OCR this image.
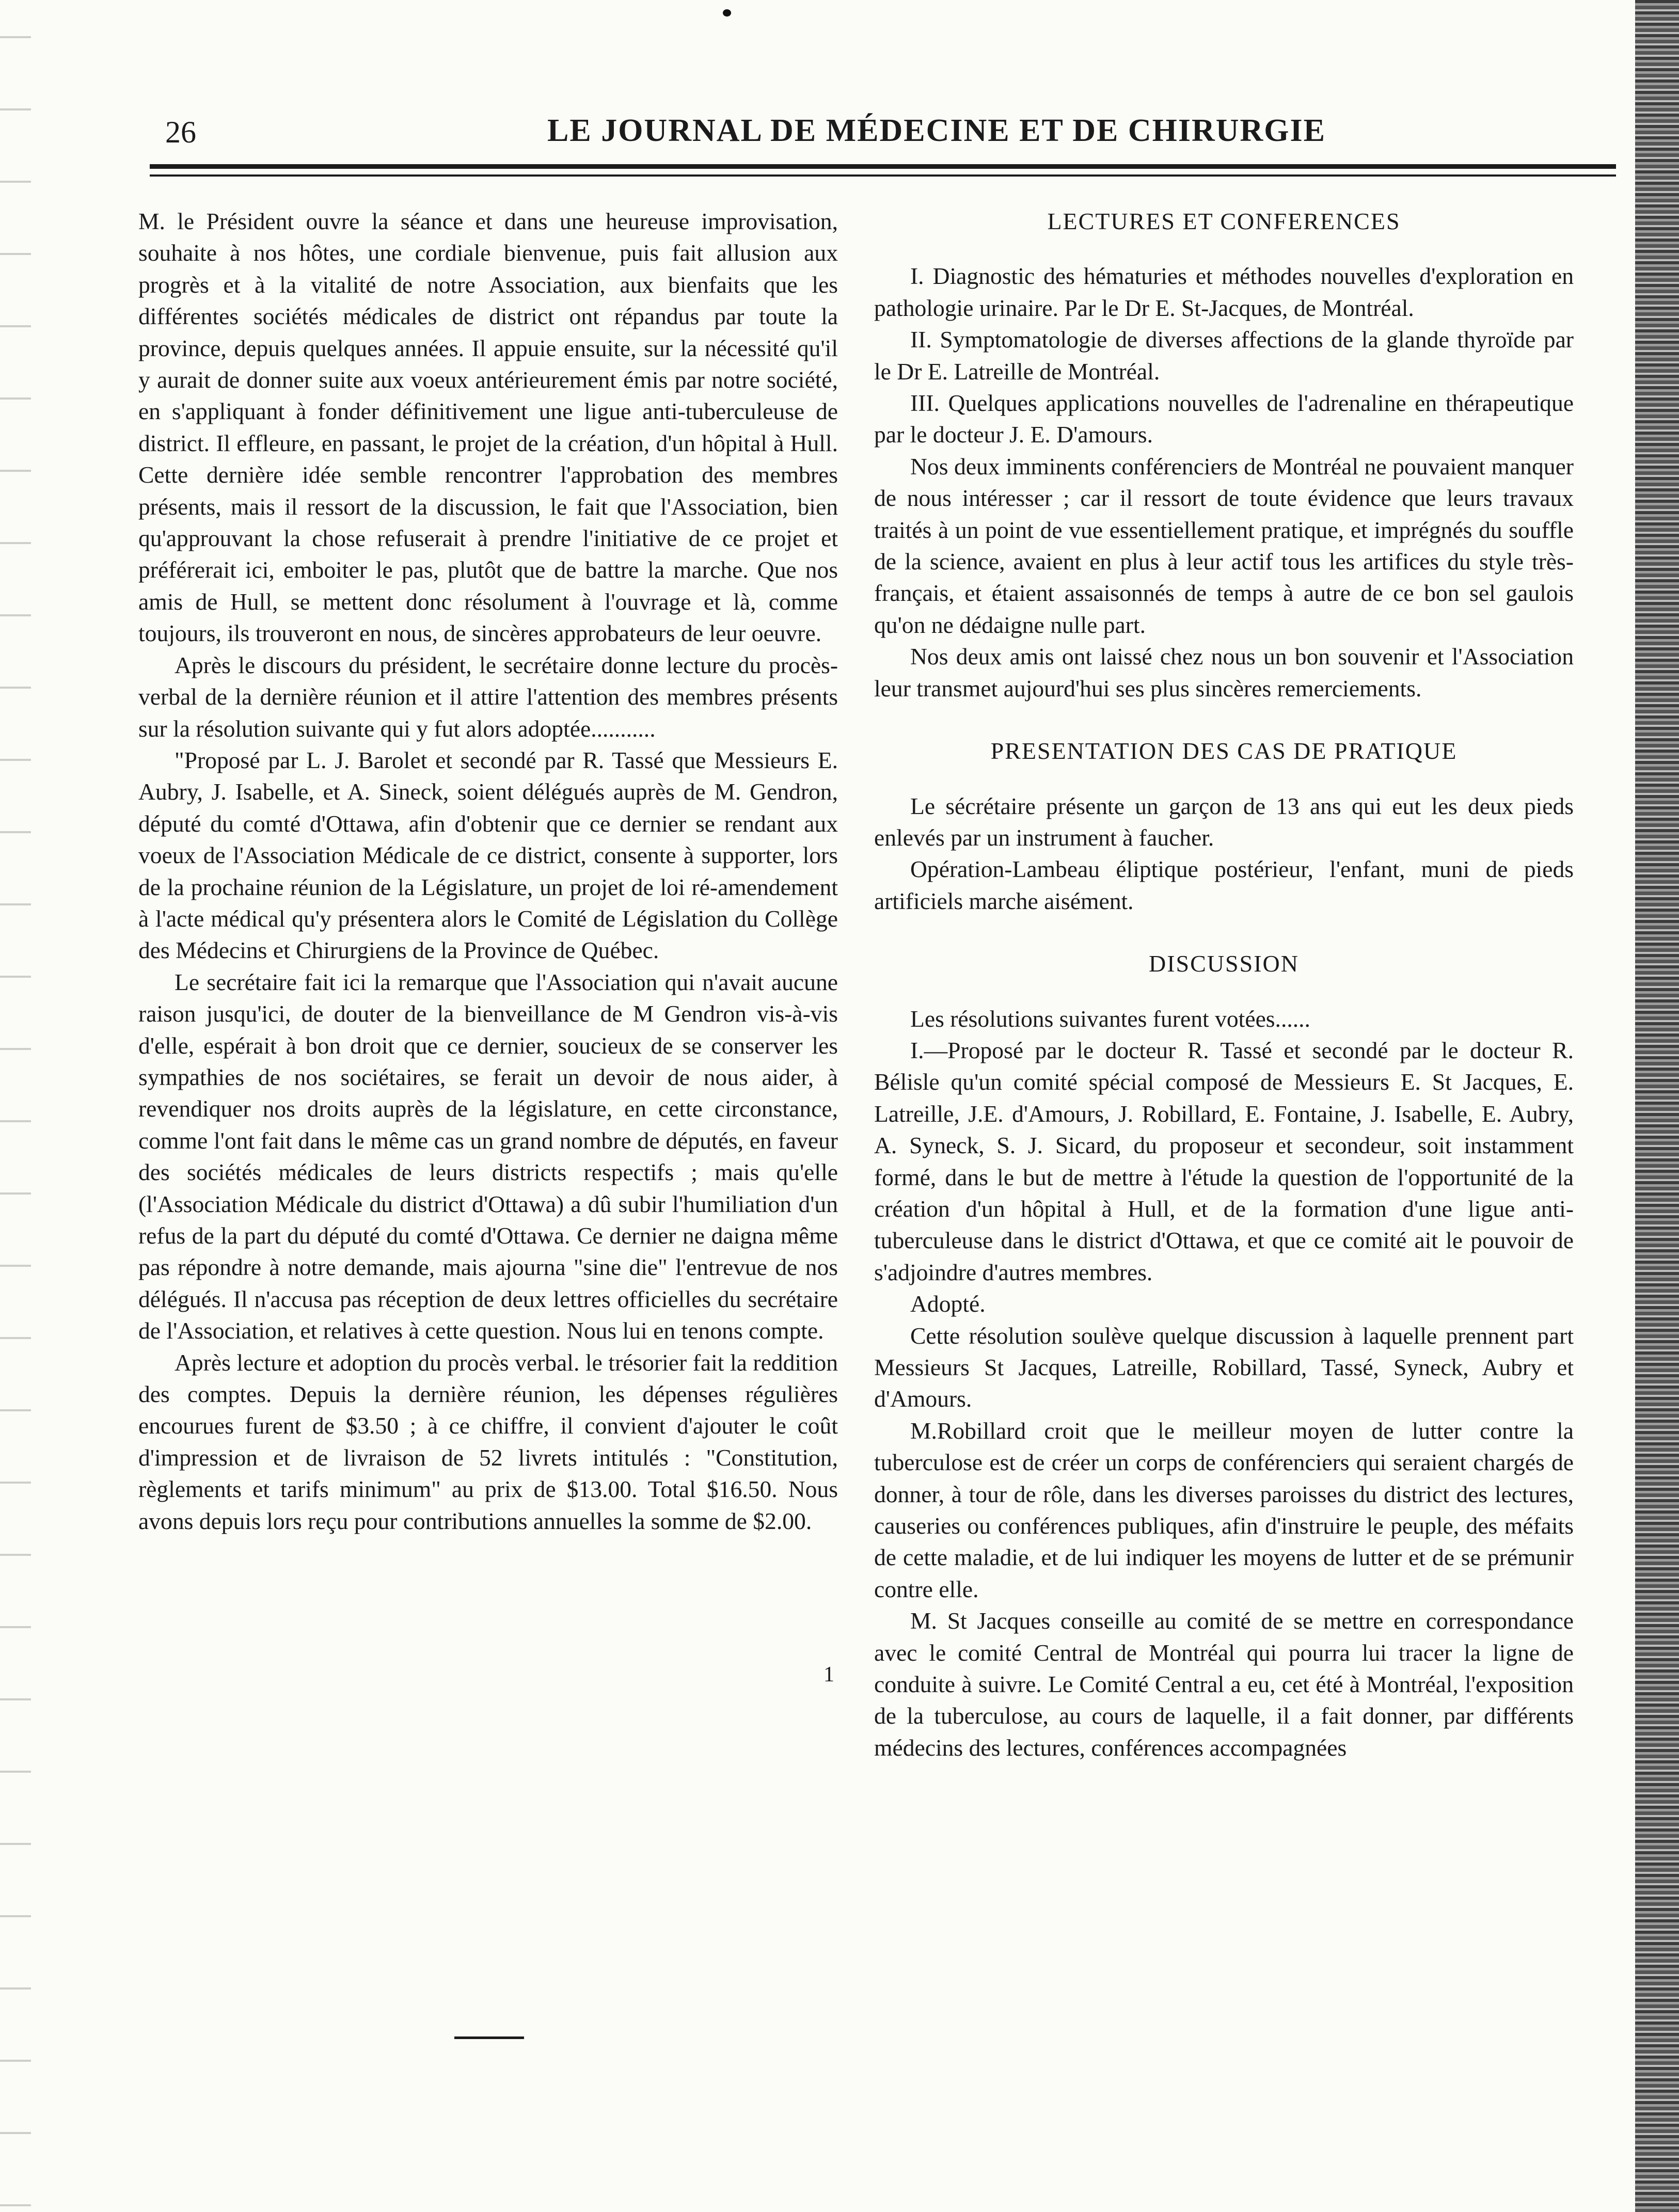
26	LE JOURNAL DE MÉDECINE ET DE CHIRURGIE

M. le Président ouvre la séance et dans une heureuse improvisation, souhaite à nos hôtes, une cordiale bienvenue, puis fait allusion aux progrès et à la vitalité de notre Association, aux bienfaits que les différentes sociétés médicales de district ont répandus par toute la province, depuis quelques années. Il appuie ensuite, sur la nécessité qu'il y aurait de donner suite aux voeux antérieurement émis par notre société, en s'appliquant à fonder définitivement une ligue anti-tuberculeuse de district. Il effleure, en passant, le projet de la création, d'un hôpital à Hull. Cette dernière idée semble rencontrer l'approbation des membres présents, mais il ressort de la discussion, le fait que l'Association, bien qu'approuvant la chose refuserait à prendre l'initiative de ce projet et préférerait ici, emboiter le pas, plutôt que de battre la marche. Que nos amis de Hull, se mettent donc résolument à l'ouvrage et là, comme toujours, ils trouveront en nous, de sincères approbateurs de leur oeuvre.

Après le discours du président, le secrétaire donne lecture du procès-verbal de la dernière réunion et il attire l'attention des membres présents sur la résolution suivante qui y fut alors adoptée...........

"Proposé par L. J. Barolet et secondé par R. Tassé que Messieurs E. Aubry, J. Isabelle, et A. Sineck, soient délégués auprès de M. Gendron, député du comté d'Ottawa, afin d'obtenir que ce dernier se rendant aux voeux de l'Association Médicale de ce district, consente à supporter, lors de la prochaine réunion de la Législature, un projet de loi ré-amendement à l'acte médical qu'y présentera alors le Comité de Législation du Collège des Médecins et Chirurgiens de la Province de Québec.

Le secrétaire fait ici la remarque que l'Association qui n'avait aucune raison jusqu'ici, de douter de la bienveillance de M Gendron vis-à-vis d'elle, espérait à bon droit que ce dernier, soucieux de se conserver les sympathies de nos sociétaires, se ferait un devoir de nous aider, à revendiquer nos droits auprès de la législature, en cette circonstance, comme l'ont fait dans le même cas un grand nombre de députés, en faveur des sociétés médicales de leurs districts respectifs ; mais qu'elle (l'Association Médicale du district d'Ottawa) a dû subir l'humiliation d'un refus de la part du député du comté d'Ottawa. Ce dernier ne daigna même pas répondre à notre demande, mais ajourna "sine die" l'entrevue de nos délégués. Il n'accusa pas réception de deux lettres officielles du secrétaire de l'Association, et relatives à cette question. Nous lui en tenons compte.

Après lecture et adoption du procès verbal. le trésorier fait la reddition des comptes. Depuis la dernière réunion, les dépenses régulières encourues furent de $3.50 ; à ce chiffre, il convient d'ajouter le coût d'impression et de livraison de 52 livrets intitulés : "Constitution, règlements et tarifs minimum" au prix de $13.00. Total $16.50. Nous avons depuis lors reçu pour contributions annuelles la somme de $2.00.

1
LECTURES ET CONFERENCES

I. Diagnostic des hématuries et méthodes nouvelles d'exploration en pathologie urinaire. Par le Dr E. St-Jacques, de Montréal.

II. Symptomatologie de diverses affections de la glande thyroïde par le Dr E. Latreille de Montréal.

III. Quelques applications nouvelles de l'adrenaline en thérapeutique par le docteur J. E. D'amours.

Nos deux imminents conférenciers de Montréal ne pouvaient manquer de nous intéresser ; car il ressort de toute évidence que leurs travaux traités à un point de vue essentiellement pratique, et imprégnés du souffle de la science, avaient en plus à leur actif tous les artifices du style très-français, et étaient assaisonnés de temps à autre de ce bon sel gaulois qu'on ne dédaigne nulle part.

Nos deux amis ont laissé chez nous un bon souvenir et l'Association leur transmet aujourd'hui ses plus sincères remerciements.

PRESENTATION DES CAS DE PRATIQUE

Le sécrétaire présente un garçon de 13 ans qui eut les deux pieds enlevés par un instrument à faucher.

Opération-Lambeau éliptique postérieur, l'enfant, muni de pieds artificiels marche aisément.

DISCUSSION

Les résolutions suivantes furent votées......

I.—Proposé par le docteur R. Tassé et secondé par le docteur R. Bélisle qu'un comité spécial composé de Messieurs E. St Jacques, E. Latreille, J.E. d'Amours, J. Robillard, E. Fontaine, J. Isabelle, E. Aubry, A. Syneck, S. J. Sicard, du proposeur et secondeur, soit instamment formé, dans le but de mettre à l'étude la question de l'opportunité de la création d'un hôpital à Hull, et de la formation d'une ligue anti-tuberculeuse dans le district d'Ottawa, et que ce comité ait le pouvoir de s'adjoindre d'autres membres.

Adopté.

Cette résolution soulève quelque discussion à laquelle prennent part Messieurs St Jacques, Latreille, Robillard, Tassé, Syneck, Aubry et d'Amours.

M.Robillard croit que le meilleur moyen de lutter contre la tuberculose est de créer un corps de conférenciers qui seraient chargés de donner, à tour de rôle, dans les diverses paroisses du district des lectures, causeries ou conférences publiques, afin d'instruire le peuple, des méfaits de cette maladie, et de lui indiquer les moyens de lutter et de se prémunir contre elle.

M. St Jacques conseille au comité de se mettre en correspondance avec le comité Central de Montréal qui pourra lui tracer la ligne de conduite à suivre. Le Comité Central a eu, cet été à Montréal, l'exposition de la tuberculose, au cours de laquelle, il a fait donner, par différents médecins des lectures, conférences accompagnées
